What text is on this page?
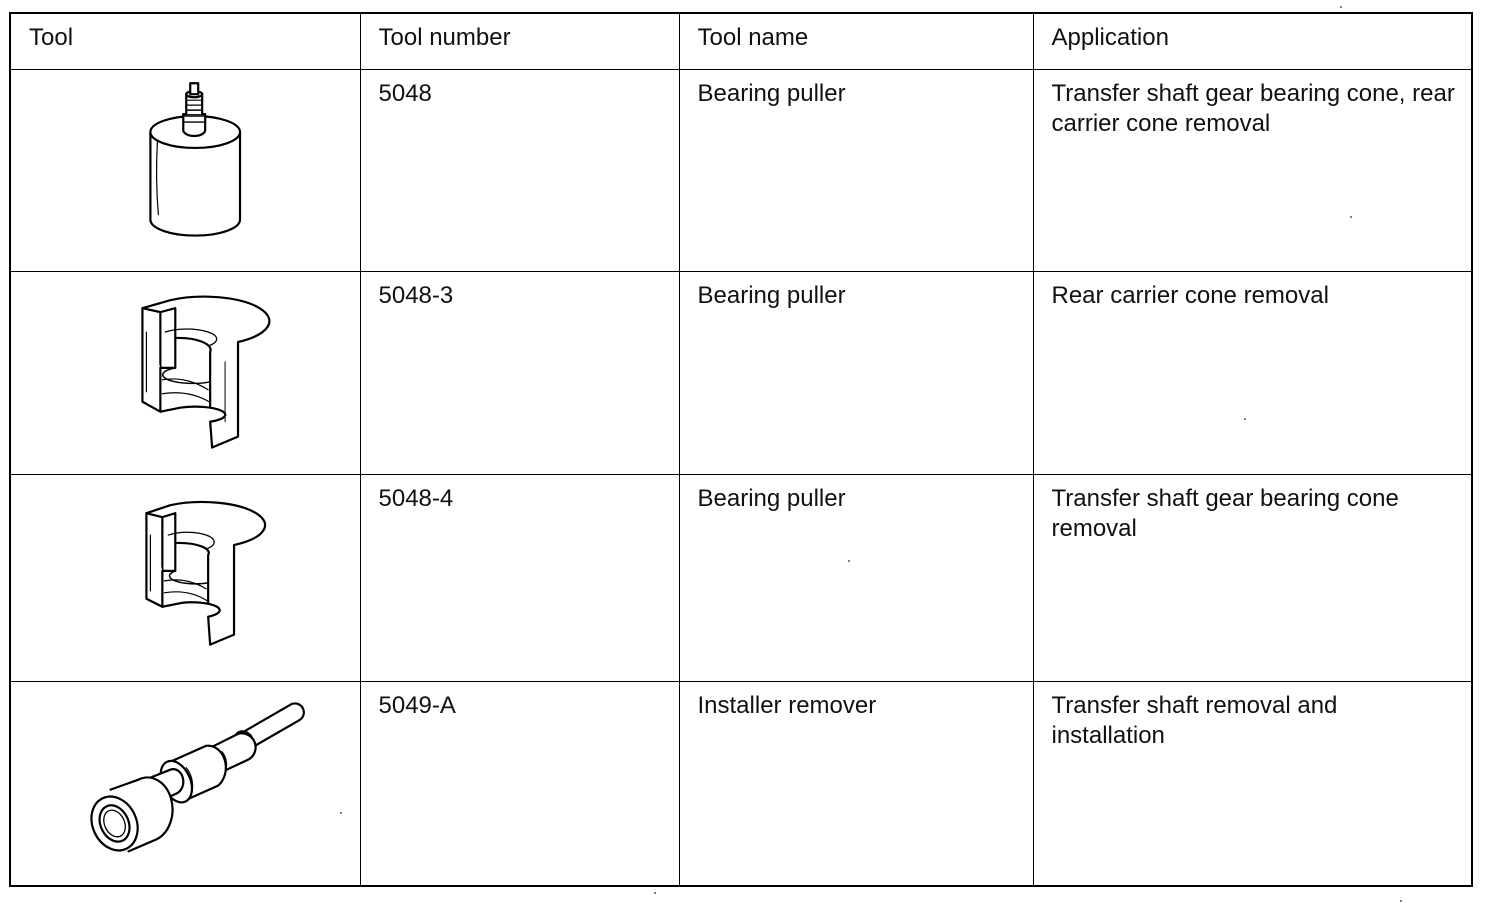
Tool	Tool number	Tool name	Application

	5048	Bearing puller	Transfer shaft gear bearing cone, rear carrier cone removal

	5048-3	Bearing puller	Rear carrier cone removal

	5048-4	Bearing puller	Transfer shaft gear bearing cone removal

	5049-A	Installer remover	Transfer shaft removal and installation
